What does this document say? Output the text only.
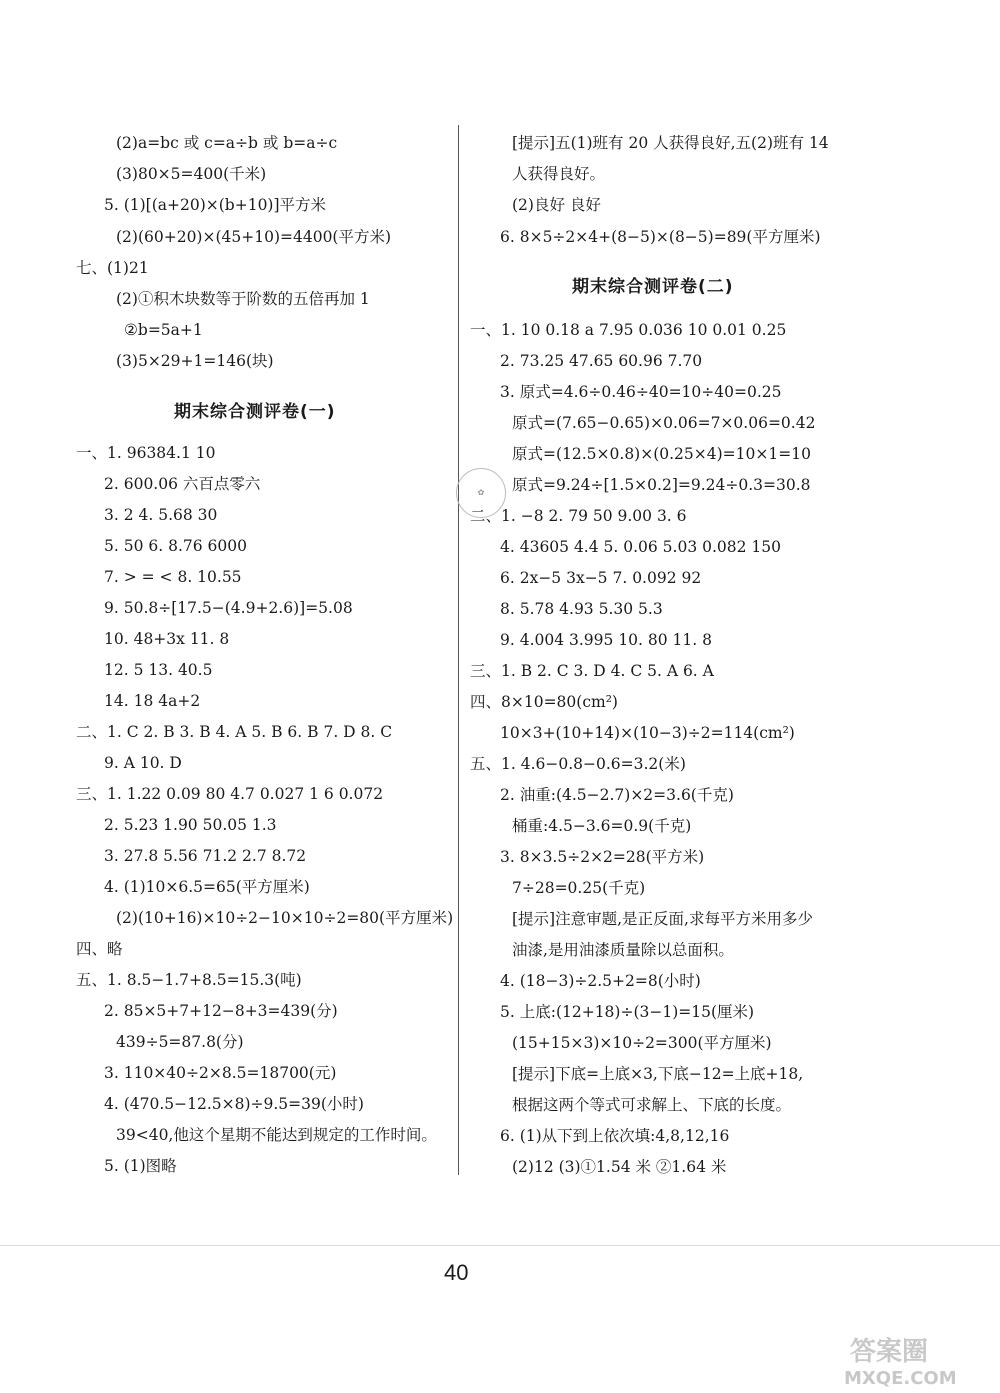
(2)a=bc 或 c=a÷b 或 b=a÷c
(3)80×5=400(千米)
5. (1)[(a+20)×(b+10)]平方米
(2)(60+20)×(45+10)=4400(平方米)
七、(1)21
(2)①积木块数等于阶数的五倍再加 1
②b=5a+1
(3)5×29+1=146(块)
期末综合测评卷(一)
一、1. 96384.1 10
2. 600.06 六百点零六
3. 2 4. 5.68 30
5. 50 6. 8.76 6000
7. > = < 8. 10.55
9. 50.8÷[17.5−(4.9+2.6)]=5.08
10. 48+3x 11. 8
12. 5 13. 40.5
14. 18 4a+2
二、1. C 2. B 3. B 4. A 5. B 6. B 7. D 8. C
9. A 10. D
三、1. 1.22 0.09 80 4.7 0.027 1 6 0.072
2. 5.23 1.90 50.05 1.3
3. 27.8 5.56 71.2 2.7 8.72
4. (1)10×6.5=65(平方厘米)
(2)(10+16)×10÷2−10×10÷2=80(平方厘米)
四、略
五、1. 8.5−1.7+8.5=15.3(吨)
2. 85×5+7+12−8+3=439(分)
439÷5=87.8(分)
3. 110×40÷2×8.5=18700(元)
4. (470.5−12.5×8)÷9.5=39(小时)
39<40,他这个星期不能达到规定的工作时间。
5. (1)图略
[提示]五(1)班有 20 人获得良好,五(2)班有 14
人获得良好。
(2)良好 良好
6. 8×5÷2×4+(8−5)×(8−5)=89(平方厘米)
期末综合测评卷(二)
一、1. 10 0.18 a 7.95 0.036 10 0.01 0.25
2. 73.25 47.65 60.96 7.70
3. 原式=4.6÷0.46÷40=10÷40=0.25
原式=(7.65−0.65)×0.06=7×0.06=0.42
原式=(12.5×0.8)×(0.25×4)=10×1=10
原式=9.24÷[1.5×0.2]=9.24÷0.3=30.8
二、1. −8 2. 79 50 9.00 3. 6
4. 43605 4.4 5. 0.06 5.03 0.082 150
6. 2x−5 3x−5 7. 0.092 92
8. 5.78 4.93 5.30 5.3
9. 4.004 3.995 10. 80 11. 8
三、1. B 2. C 3. D 4. C 5. A 6. A
四、8×10=80(cm²)
10×3+(10+14)×(10−3)÷2=114(cm²)
五、1. 4.6−0.8−0.6=3.2(米)
2. 油重:(4.5−2.7)×2=3.6(千克)
桶重:4.5−3.6=0.9(千克)
3. 8×3.5÷2×2=28(平方米)
7÷28=0.25(千克)
[提示]注意审题,是正反面,求每平方米用多少
油漆,是用油漆质量除以总面积。
4. (18−3)÷2.5+2=8(小时)
5. 上底:(12+18)÷(3−1)=15(厘米)
(15+15×3)×10÷2=300(平方厘米)
[提示]下底=上底×3,下底−12=上底+18,
根据这两个等式可求解上、下底的长度。
6. (1)从下到上依次填:4,8,12,16
(2)12 (3)①1.54 米 ②1.64 米
✿
40
答案圈
MXQE.COM
